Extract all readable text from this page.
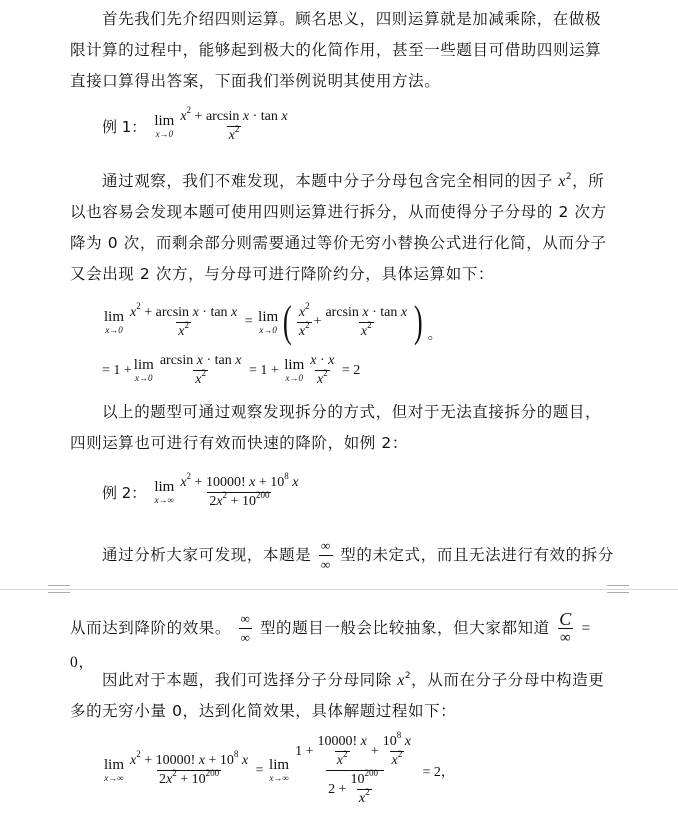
首先我们先介绍四则运算。顾名思义，四则运算就是加减乘除，在做极限计算的过程中，能够起到极大的化简作用，甚至一些题目可借助四则运算直接口算得出答案，下面我们举例说明其使用方法。
例 1： lim
$x\to 0 \frac{x^2 + \arcsin x \cdot \tan x}{x^2}$
通过观察，我们不难发现，本题中分子分母包含完全相同的因子 $x^2$，所以也容易会发现本题可使用四则运算进行拆分，从而使得分子分母的 2 次方降为 0 次，而剩余部分则需要通过等价无穷小替换公式进行化简，从而分子又会出现 2 次方，与分母可进行降阶约分，具体运算如下：
lim
$x\to 0 \frac{x^2 + \arcsin x \cdot \tan x}{x^2} = \lim$
x→0 ( $\frac{x^2}{x^2} + \frac{\text{arcsin x · tan x}}{x^2}$ ) 。
= 1 + lim
$x\to 0 \frac{\text{arcsin x · tan x}}{x^2} = 1 + \lim$
$x\to 0 \frac{x \cdot x}{x^2}$
= 2
以上的题型可通过观察发现拆分的方式，但对于无法直接拆分的题目，四则运算也可进行有效而快速的降阶，如例 2：
例 2： lim
$x\to\infty \frac{x^2 + 10000! x + 10^8 x}{2x^2 + 10^{200}}$
通过分析大家可发现，本题是 $\frac{\infty}{\infty}$ 型的未定式，而且无法进行有效的拆分
从而达到降阶的效果。 $\frac{\infty}{\infty}$ 型的题目一般会比较抽象，但大家都知道 $\frac{C}{\infty} = 0$，
因此对于本题，我们可选择分子分母同除 $x^2$，从而在分子分母中构造更多的无穷小量 0，达到化简效果，具体解题过程如下：
lim
$x\to\infty \frac{x^2 + 10000! x + 10^8 x}{2x^2 + 10^{200}} = \lim$
$x\to\infty \frac{1 + \frac{10000! x}{x^2} + \frac{10^8 x}{x^2}}{2 + \frac{10^{200}}{x^2}}$
= 2，
